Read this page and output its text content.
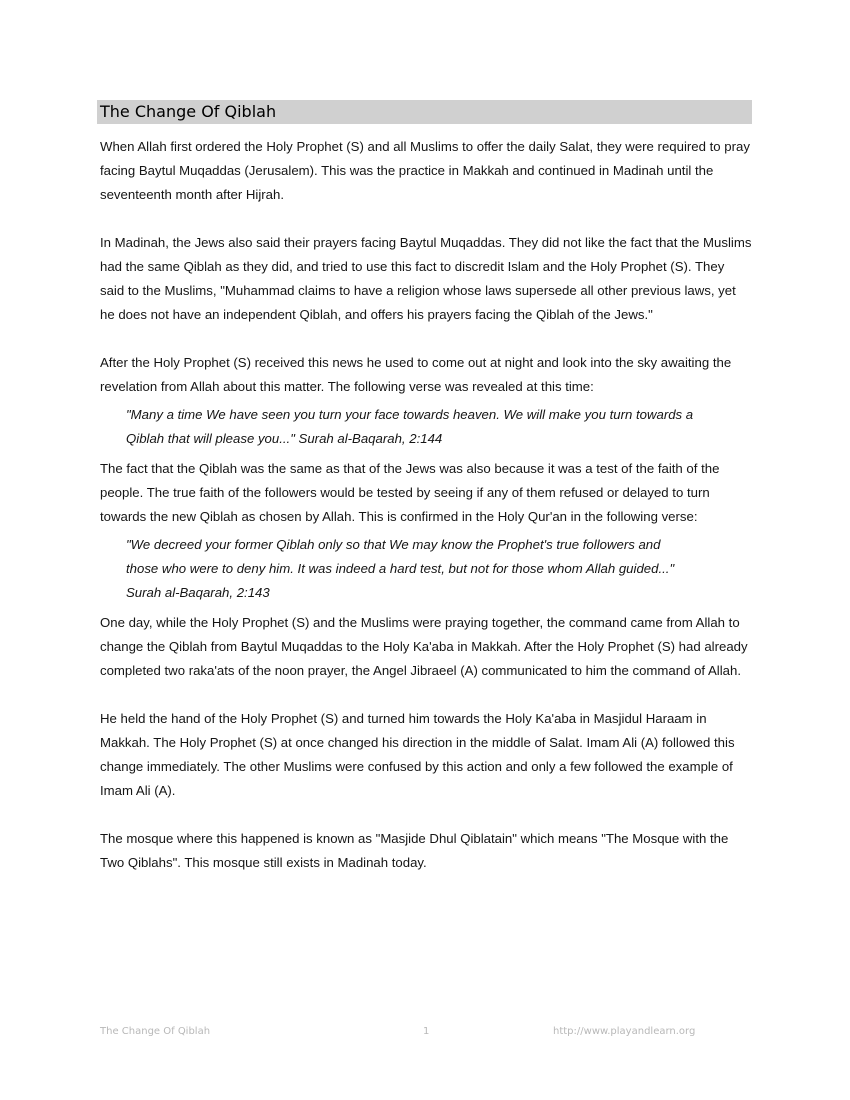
The Change Of Qiblah

When Allah first ordered the Holy Prophet (S) and all Muslims to offer the daily Salat, they were required to pray facing Baytul Muqaddas (Jerusalem). This was the practice in Makkah and continued in Madinah until the seventeenth month after Hijrah.

In Madinah, the Jews also said their prayers facing Baytul Muqaddas. They did not like the fact that the Muslims had the same Qiblah as they did, and tried to use this fact to discredit Islam and the Holy Prophet (S). They said to the Muslims, "Muhammad claims to have a religion whose laws supersede all other previous laws, yet he does not have an independent Qiblah, and offers his prayers facing the Qiblah of the Jews."

After the Holy Prophet (S) received this news he used to come out at night and look into the sky awaiting the revelation from Allah about this matter. The following verse was revealed at this time:

"Many a time We have seen you turn your face towards heaven. We will make you turn towards a
Qiblah that will please you..." Surah al-Baqarah, 2:144

The fact that the Qiblah was the same as that of the Jews was also because it was a test of the faith of the people. The true faith of the followers would be tested by seeing if any of them refused or delayed to turn towards the new Qiblah as chosen by Allah. This is confirmed in the Holy Qur'an in the following verse:

"We decreed your former Qiblah only so that We may know the Prophet's true followers and
those who were to deny him. It was indeed a hard test, but not for those whom Allah guided..."
Surah al-Baqarah, 2:143

One day, while the Holy Prophet (S) and the Muslims were praying together, the command came from Allah to change the Qiblah from Baytul Muqaddas to the Holy Ka'aba in Makkah. After the Holy Prophet (S) had already completed two raka'ats of the noon prayer, the Angel Jibraeel (A) communicated to him the command of Allah.

He held the hand of the Holy Prophet (S) and turned him towards the Holy Ka'aba in Masjidul Haraam in Makkah. The Holy Prophet (S) at once changed his direction in the middle of Salat. Imam Ali (A) followed this change immediately. The other Muslims were confused by this action and only a few followed the example of Imam Ali (A).

The mosque where this happened is known as "Masjide Dhul Qiblatain" which means "The Mosque with the Two Qiblahs". This mosque still exists in Madinah today.

The Change Of Qiblah	1	http://www.playandlearn.org
